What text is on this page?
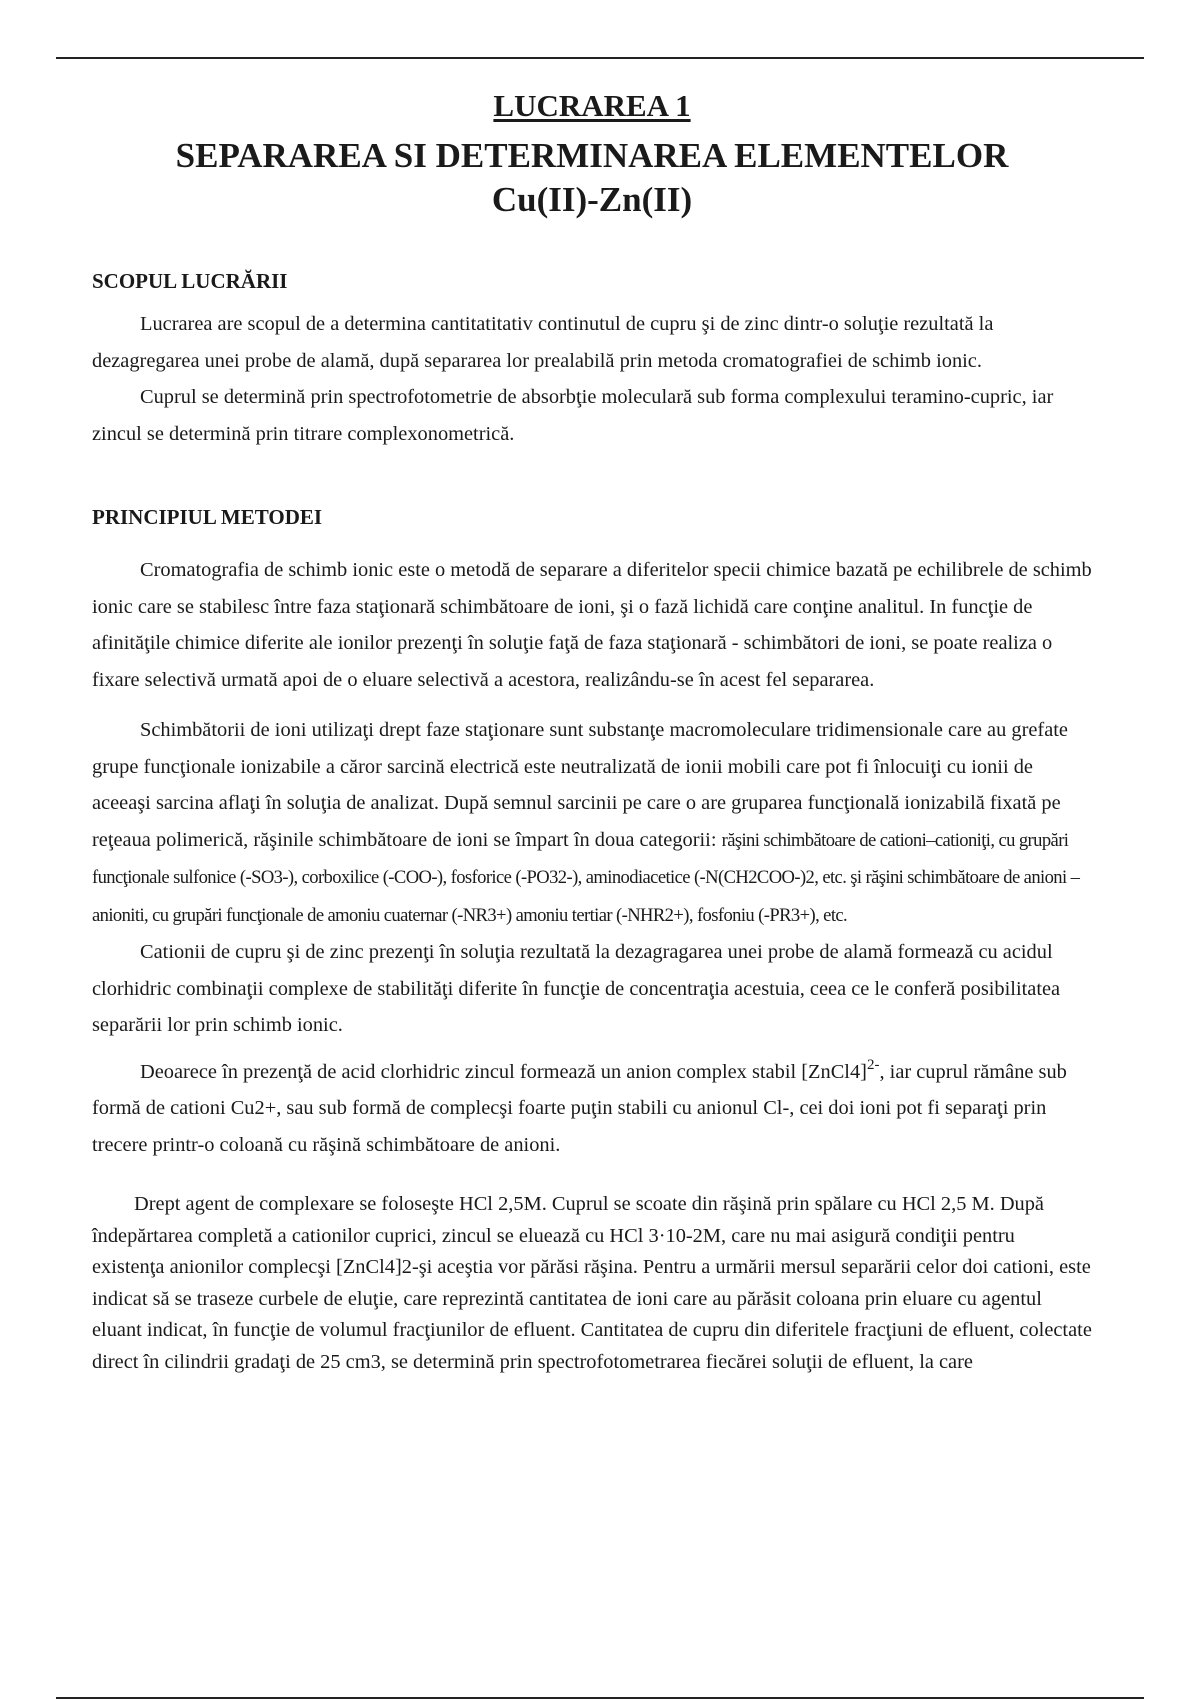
LUCRAREA 1
SEPARAREA SI DETERMINAREA ELEMENTELOR
Cu(II)-Zn(II)
SCOPUL LUCRĂRII

Lucrarea are scopul de a determina cantitatitativ continutul de cupru şi de zinc dintr-o soluţie rezultată la dezagregarea unei probe de alamă, după separarea lor prealabilă prin metoda cromatografiei de schimb ionic.

Cuprul se determină prin spectrofotometrie de absorbţie moleculară sub forma complexului teramino-cupric, iar zincul se determină prin titrare complexonometrică.

PRINCIPIUL METODEI

Cromatografia de schimb ionic este o metodă de separare a diferitelor specii chimice bazată pe echilibrele de schimb ionic care se stabilesc între faza staţionară schimbătoare de ioni, şi o fază lichidă care conţine analitul. In funcţie de afinităţile chimice diferite ale ionilor prezenţi în soluţie faţă de faza staţionară - schimbători de ioni, se poate realiza o fixare selectivă urmată apoi de o eluare selectivă a acestora, realizându-se în acest fel separarea.

Schimbătorii de ioni utilizaţi drept faze staţionare sunt substanţe macromoleculare tridimensionale care au grefate grupe funcţionale ionizabile a căror sarcină electrică este neutralizată de ionii mobili care pot fi înlocuiţi cu ionii de aceeaşi sarcina aflaţi în soluţia de analizat. După semnul sarcinii pe care o are gruparea funcţională ionizabilă fixată pe reţeaua polimerică, răşinile schimbătoare de ioni se împart în doua categorii: răşini schimbătoare de cationi–cationiţi, cu grupări funcţionale sulfonice (-SO3-), corboxilice (-COO-), fosforice (-PO32-), aminodiacetice (-N(CH2COO-)2, etc. şi răşini schimbătoare de anioni –anioniti, cu grupări funcţionale de amoniu cuaternar (-NR3+) amoniu tertiar (-NHR2+), fosfoniu (-PR3+), etc.

Cationii de cupru şi de zinc prezenţi în soluţia rezultată la dezagragarea unei probe de alamă formează cu acidul clorhidric combinaţii complexe de stabilităţi diferite în funcţie de concentraţia acestuia, ceea ce le conferă posibilitatea separării lor prin schimb ionic.

Deoarece în prezenţă de acid clorhidric zincul formează un anion complex stabil [ZnCl4]$^{2-}$, iar cuprul rămâne sub formă de cationi Cu2+, sau sub formă de complecşi foarte puţin stabili cu anionul Cl-, cei doi ioni pot fi separaţi prin trecere printr-o coloană cu răşină schimbătoare de anioni.

Drept agent de complexare se foloseşte HCl 2,5M. Cuprul se scoate din răşină prin spălare cu HCl 2,5 M. După îndepărtarea completă a cationilor cuprici, zincul se eluează cu HCl 3·10-2M, care nu mai asigură condiţii pentru existenţa anionilor complecşi [ZnCl4]2-şi aceştia vor părăsi răşina. Pentru a urmării mersul separării celor doi cationi, este indicat să se traseze curbele de eluţie, care reprezintă cantitatea de ioni care au părăsit coloana prin eluare cu agentul eluant indicat, în funcţie de volumul fracţiunilor de efluent. Cantitatea de cupru din diferitele fracţiuni de efluent, colectate direct în cilindrii gradaţi de 25 cm3, se determină prin spectrofotometrarea fiecărei soluţii de efluent, la care
